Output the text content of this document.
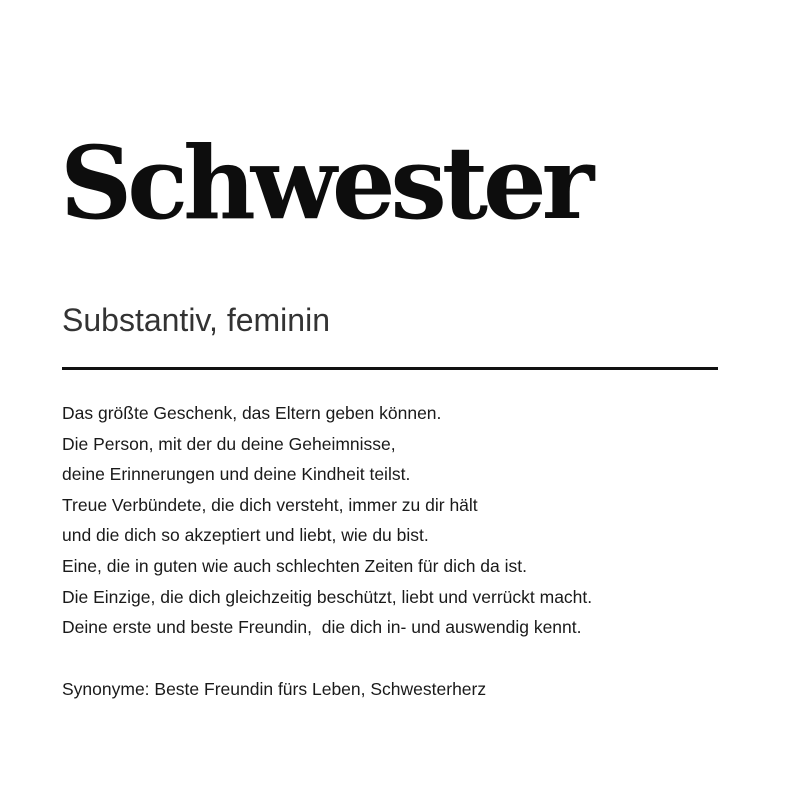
Schwester

Substantiv, feminin

Das größte Geschenk, das Eltern geben können.
Die Person, mit der du deine Geheimnisse,
deine Erinnerungen und deine Kindheit teilst.
Treue Verbündete, die dich versteht, immer zu dir hält
und die dich so akzeptiert und liebt, wie du bist.
Eine, die in guten wie auch schlechten Zeiten für dich da ist.
Die Einzige, die dich gleichzeitig beschützt, liebt und verrückt macht.
Deine erste und beste Freundin,  die dich in- und auswendig kennt.

Synonyme: Beste Freundin fürs Leben, Schwesterherz
